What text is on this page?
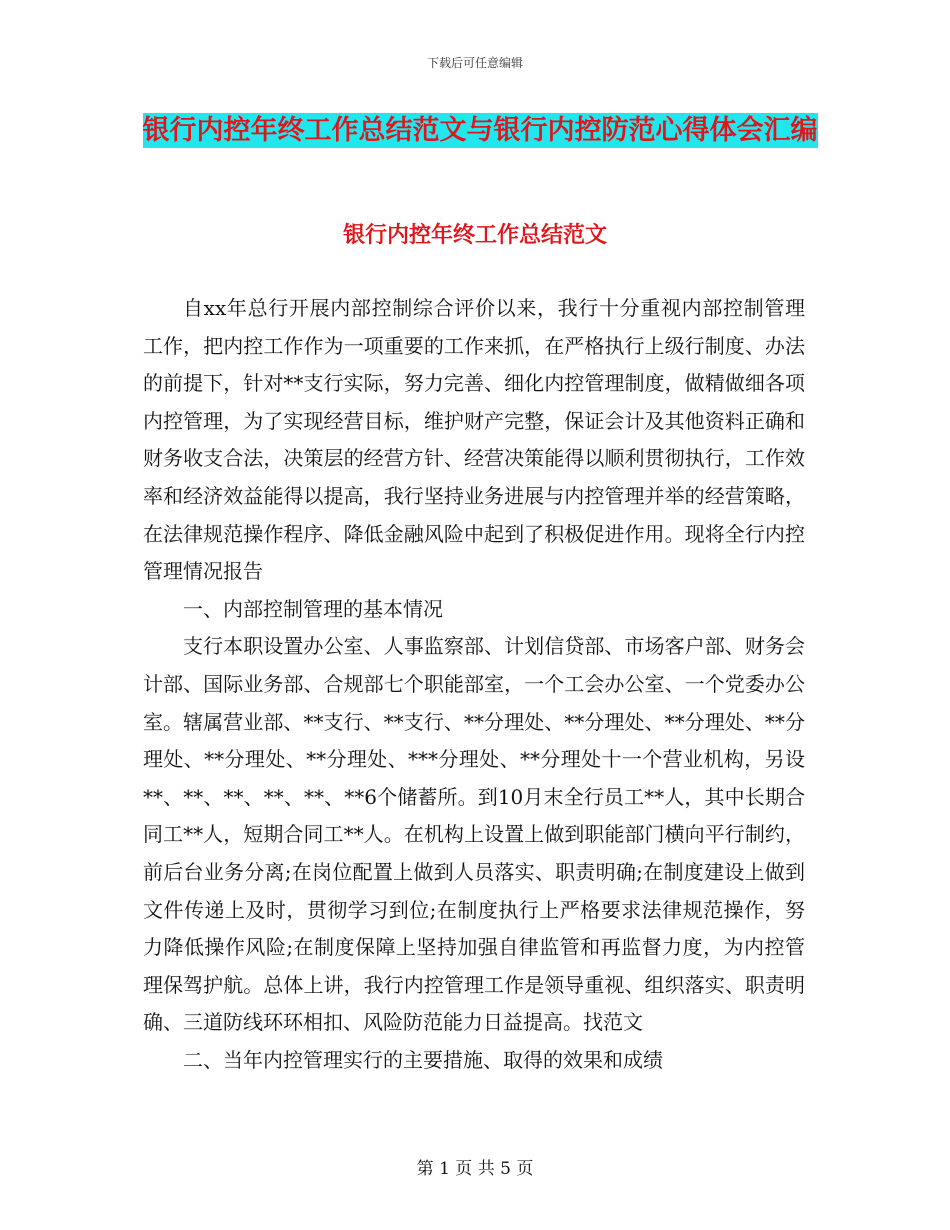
下载后可任意编辑
银行内控年终工作总结范文与银行内控防范心得体会汇编
银行内控年终工作总结范文

自xx年总行开展内部控制综合评价以来，我行十分重视内部控制管理工作，把内控工作作为一项重要的工作来抓，在严格执行上级行制度、办法的前提下，针对**支行实际，努力完善、细化内控管理制度，做精做细各项内控管理，为了实现经营目标，维护财产完整，保证会计及其他资料正确和财务收支合法，决策层的经营方针、经营决策能得以顺利贯彻执行，工作效率和经济效益能得以提高，我行坚持业务进展与内控管理并举的经营策略，在法律规范操作程序、降低金融风险中起到了积极促进作用。现将全行内控管理情况报告

一、内部控制管理的基本情况

支行本职设置办公室、人事监察部、计划信贷部、市场客户部、财务会计部、国际业务部、合规部七个职能部室，一个工会办公室、一个党委办公室。辖属营业部、**支行、**支行、**分理处、**分理处、**分理处、**分理处、**分理处、**分理处、***分理处、**分理处十一个营业机构，另设**、**、**、**、**、**6个储蓄所。到10月末全行员工**人，其中长期合同工**人，短期合同工**人。在机构上设置上做到职能部门横向平行制约，前后台业务分离;在岗位配置上做到人员落实、职责明确;在制度建设上做到文件传递上及时，贯彻学习到位;在制度执行上严格要求法律规范操作，努力降低操作风险;在制度保障上坚持加强自律监管和再监督力度，为内控管理保驾护航。总体上讲，我行内控管理工作是领导重视、组织落实、职责明确、三道防线环环相扣、风险防范能力日益提高。找范文

二、当年内控管理实行的主要措施、取得的效果和成绩

第 1 页 共 5 页
